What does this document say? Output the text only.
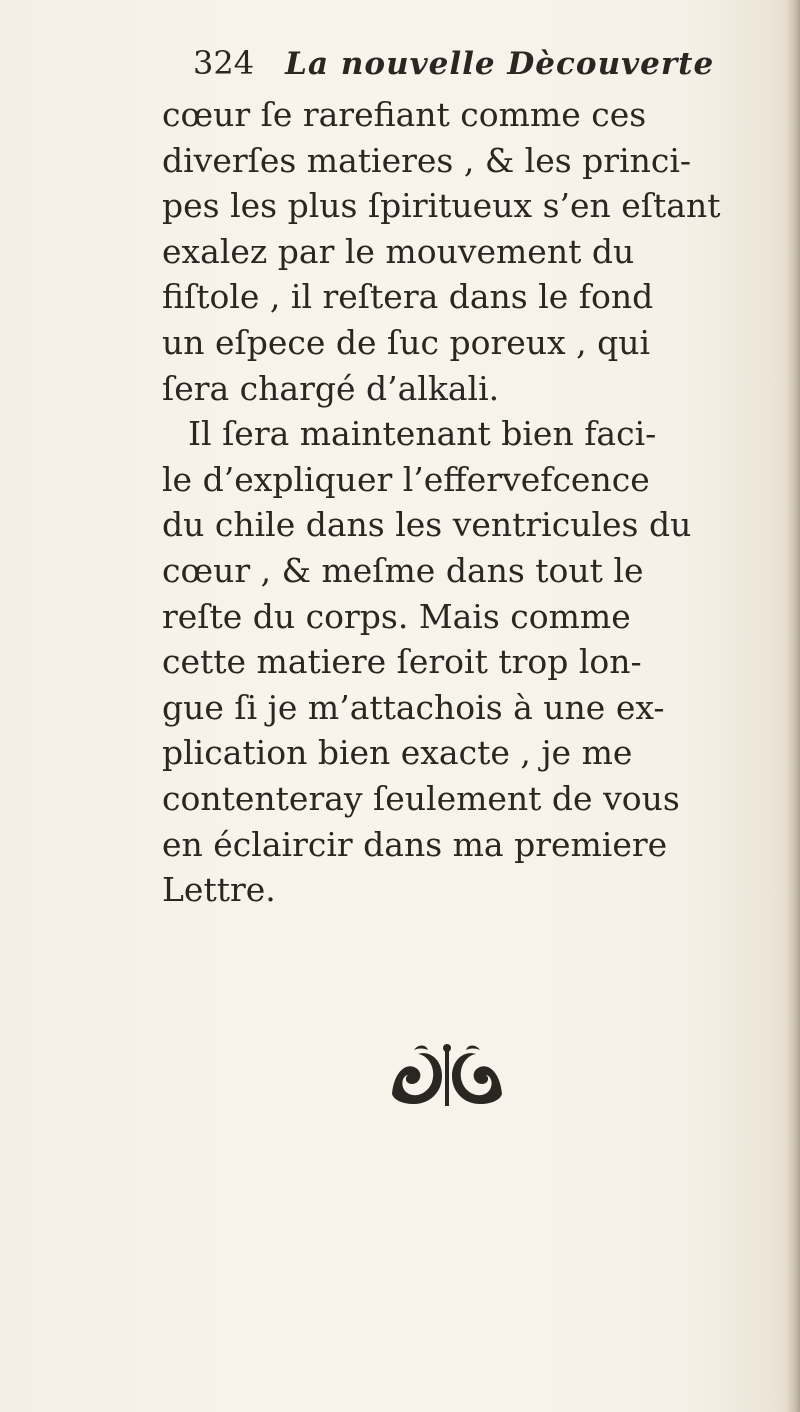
324 La nouvelle Dècouverte
cœur ſe rarefiant comme ces
diverſes matieres , & les princi-
pes les plus ſpiritueux s’en eſtant
exalez par le mouvement du
fiſtole , il reſtera dans le fond
un eſpece de ſuc poreux , qui
ſera chargé d’alkali.
Il ſera maintenant bien faci-
le d’expliquer l’effervefcence
du chile dans les ventricules du
cœur , & meſme dans tout le
reſte du corps. Mais comme
cette matiere ſeroit trop lon-
gue ſi je m’attachois à une ex-
plication bien exacte , je me
contenteray ſeulement de vous
en éclaircir dans ma premiere
Lettre.
